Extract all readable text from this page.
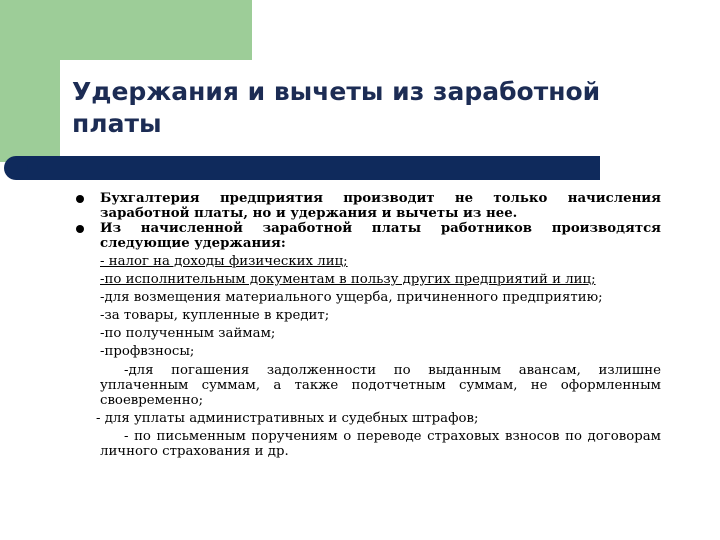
Удержания и вычеты из заработной платы

Бухгалтерия предприятия производит не только начисления заработной платы, но и удержания и вычеты из нее.

Из начисленной заработной платы работников производятся следующие удержания:

- налог на доходы физических лиц;

-по исполнительным документам в пользу других предприятий и лиц;

-для возмещения материального ущерба, причиненного предприятию;

-за товары, купленные в кредит;

-по полученным займам;

-профвзносы;

-для погашения задолженности по выданным авансам, излишне уплаченным суммам, а также подотчетным суммам, не оформленным своевременно;

- для уплаты административных и судебных штрафов;

- по письменным поручениям о переводе страховых взносов по договорам личного страхования и др.
